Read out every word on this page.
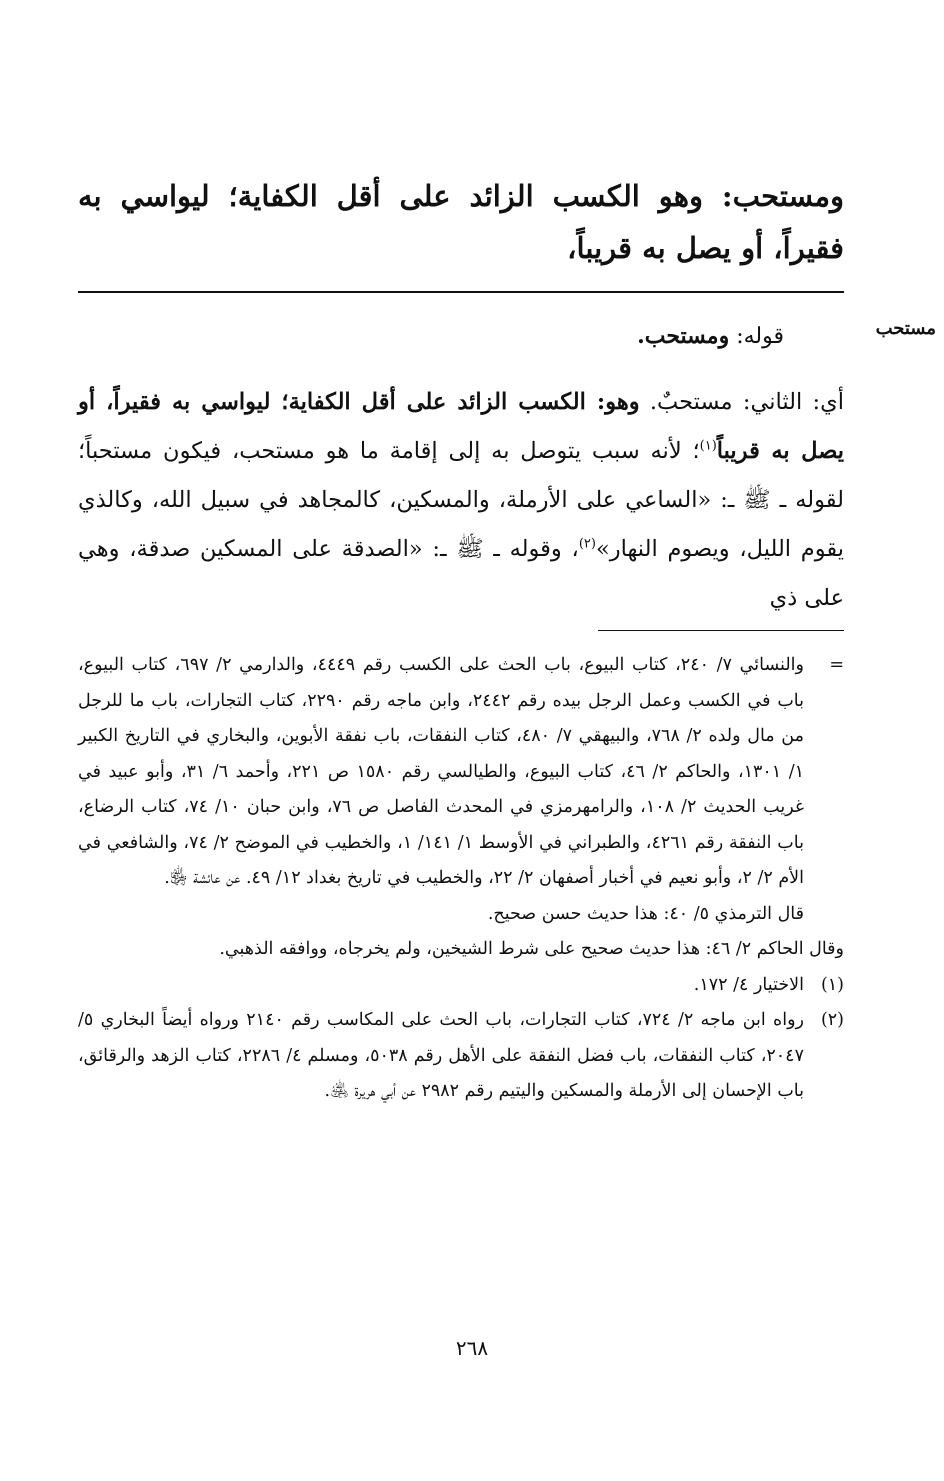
ومستحب: وهو الكسب الزائد على أقل الكفاية؛ ليواسي به فقيراً، أو يصل به قريباً،
مستحب
قوله: ومستحب.

أي: الثاني: مستحبٌ. وهو: الكسب الزائد على أقل الكفاية؛ ليواسي به فقيراً، أو يصل به قريباً$^{(١)}$؛ لأنه سبب يتوصل به إلى إقامة ما هو مستحب، فيكون مستحباً؛ لقوله ـ ﷺ ـ: «الساعي على الأرملة، والمسكين، كالمجاهد في سبيل الله، وكالذي يقوم الليل، ويصوم النهار»$^{(٢)}$، وقوله ـ ﷺ ـ: «الصدقة على المسكين صدقة، وهي على ذي

=
والنسائي ٧/ ٢٤٠، كتاب البيوع، باب الحث على الكسب رقم ٤٤٤٩، والدارمي ٢/ ٦٩٧، كتاب البيوع، باب في الكسب وعمل الرجل بيده رقم ٢٤٤٢، وابن ماجه رقم ٢٢٩٠، كتاب التجارات، باب ما للرجل من مال ولده ٢/ ٧٦٨، والبيهقي ٧/ ٤٨٠، كتاب النفقات، باب نفقة الأبوين، والبخاري في التاريخ الكبير ١/ ١٣٠١، والحاكم ٢/ ٤٦، كتاب البيوع، والطيالسي رقم ١٥٨٠ ص ٢٢١، وأحمد ٦/ ٣١، وأبو عبيد في غريب الحديث ٢/ ١٠٨، والرامهرمزي في المحدث الفاصل ص ٧٦، وابن حبان ١٠/ ٧٤، كتاب الرضاع، باب النفقة رقم ٤٢٦١، والطبراني في الأوسط ١/ ١٤١/ ١، والخطيب في الموضح ٢/ ٧٤، والشافعي في الأم ٢/ ٢، وأبو نعيم في أخبار أصفهان ٢/ ٢٢، والخطيب في تاريخ بغداد ١٢/ ٤٩. عن عائشة ﵂.
قال الترمذي ٥/ ٤٠: هذا حديث حسن صحيح.

وقال الحاكم ٢/ ٤٦: هذا حديث صحيح على شرط الشيخين، ولم يخرجاه، ووافقه الذهبي.

(١)
الاختيار ٤/ ١٧٢.
(٢)
رواه ابن ماجه ٢/ ٧٢٤، كتاب التجارات، باب الحث على المكاسب رقم ٢١٤٠ ورواه أيضاً البخاري ٥/ ٢٠٤٧، كتاب النفقات، باب فضل النفقة على الأهل رقم ٥٠٣٨، ومسلم ٤/ ٢٢٨٦، كتاب الزهد والرقائق، باب الإحسان إلى الأرملة والمسكين واليتيم رقم ٢٩٨٢ عن أبي هريرة ﵁.
٢٦٨
